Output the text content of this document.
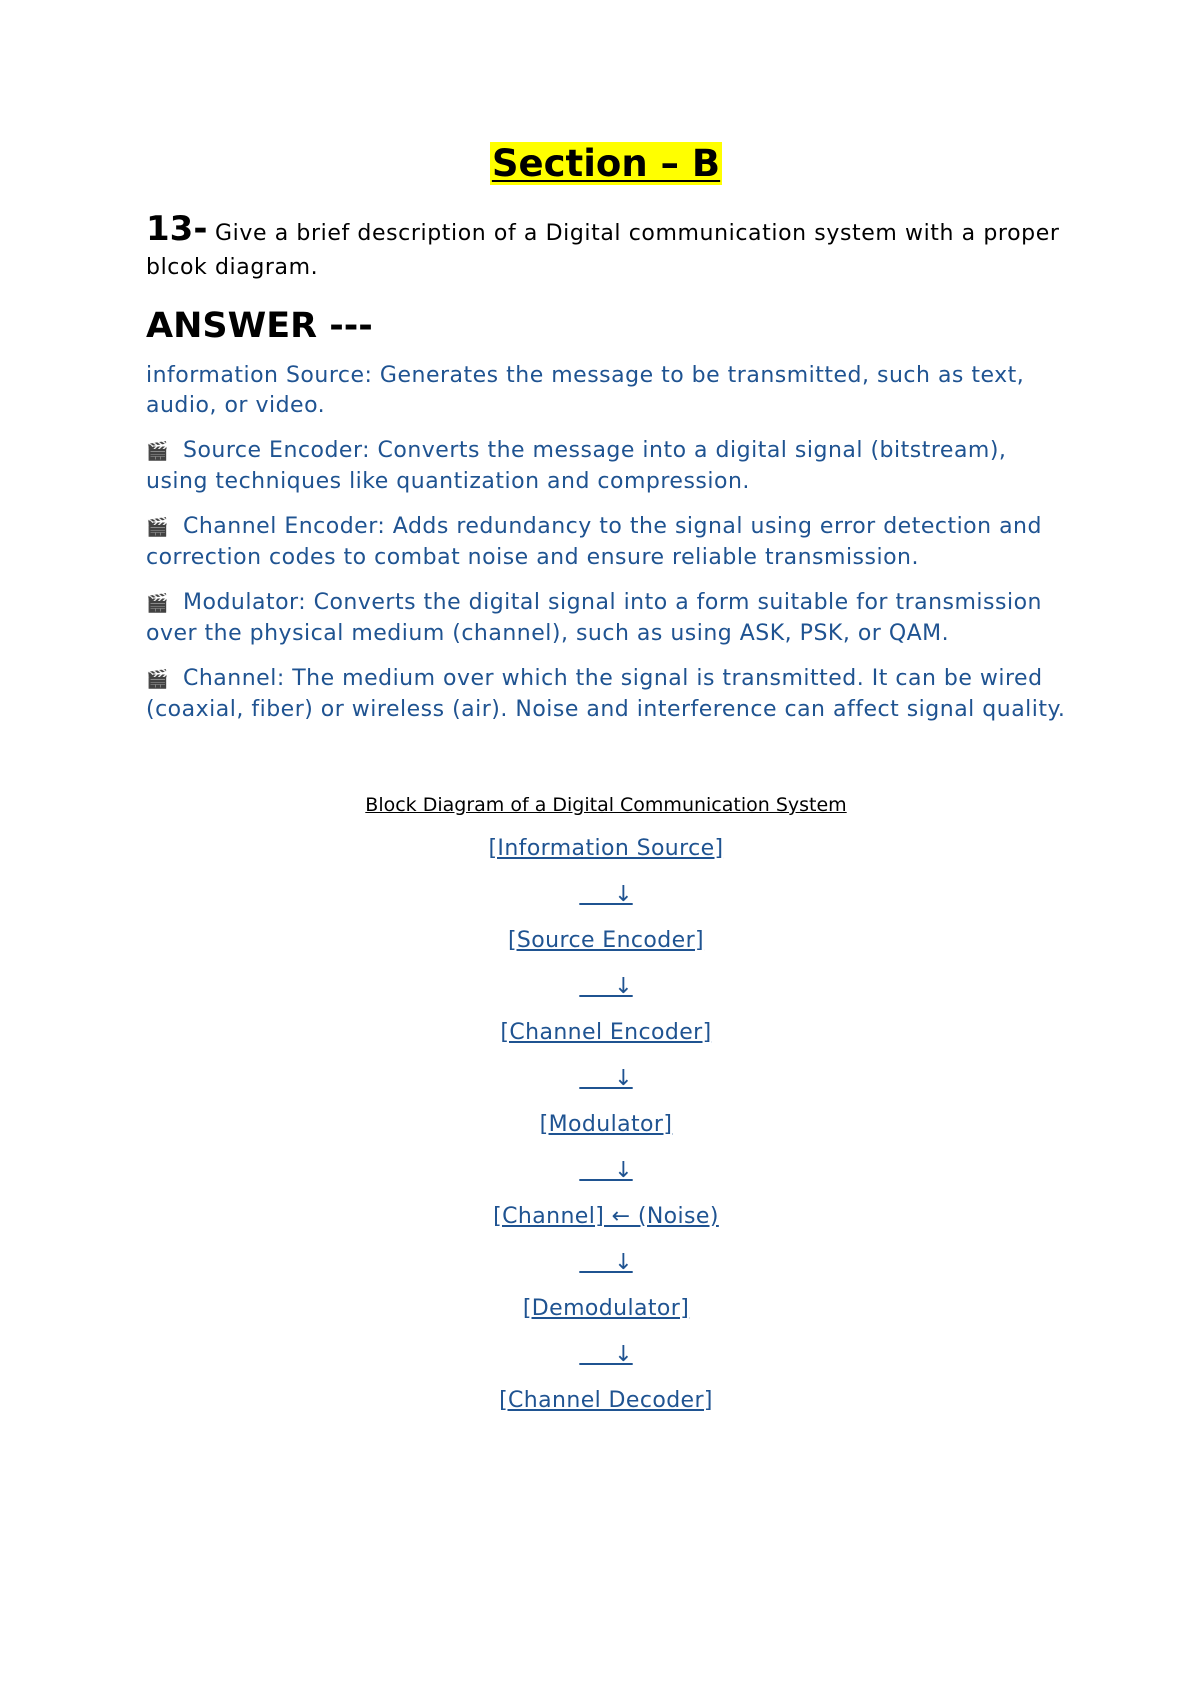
Section – B

13- Give a brief description of a Digital communication system with a proper blcok diagram.

ANSWER ---

information Source: Generates the message to be transmitted, such as text, audio, or video.

🎬 Source Encoder: Converts the message into a digital signal (bitstream), using techniques like quantization and compression.

🎬 Channel Encoder: Adds redundancy to the signal using error detection and correction codes to combat noise and ensure reliable transmission.

🎬 Modulator: Converts the digital signal into a form suitable for transmission over the physical medium (channel), such as using ASK, PSK, or QAM.

🎬 Channel: The medium over which the signal is transmitted. It can be wired (coaxial, fiber) or wireless (air). Noise and interference can affect signal quality.

Block Diagram of a Digital Communication System

[Information Source]
↓
[Source Encoder]
↓
[Channel Encoder]
↓
[Modulator]
↓
[Channel] ← (Noise)
↓
[Demodulator]
↓
[Channel Decoder]
